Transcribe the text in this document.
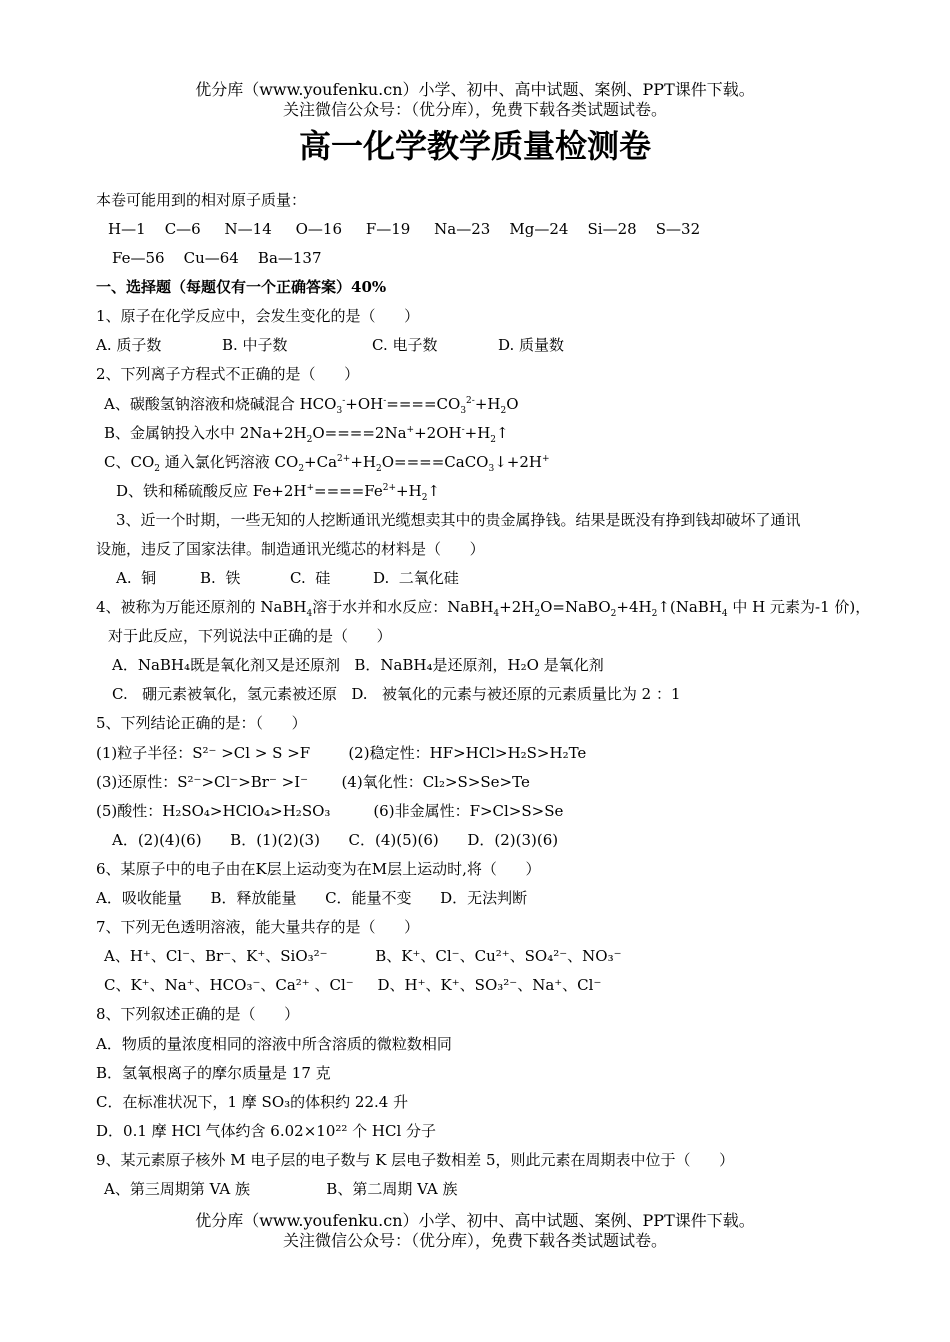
优分库（www.youfenku.cn）小学、初中、高中试题、案例、PPT课件下载。
关注微信公众号：（优分库），免费下载各类试题试卷。
高一化学教学质量检测卷
本卷可能用到的相对原子质量：
H—1    C—6     N—14     O—16     F—19     Na—23    Mg—24    Si—28    S—32
Fe—56    Cu—64    Ba—137
一、选择题（每题仅有一个正确答案）40%
1、原子在化学反应中，会发生变化的是（      ）
A. 质子数	B. 中子数	C. 电子数	D. 质量数
2、下列离子方程式不正确的是（      ）
A、碳酸氢钠溶液和烧碱混合 $HCO_3^-+OH^-====CO_3^{2-}+H_2O$
B、金属钠投入水中 $2Na+2H_2O====2Na^++2OH^-+H_2↑$
C、$CO_2$ 通入氯化钙溶液 $CO_2+Ca^{2+}+H_2O====CaCO_3↓+2H^+$
D、铁和稀硫酸反应 $Fe+2H^+====Fe^{2+}+H_2↑$
3、近一个时期，一些无知的人挖断通讯光缆想卖其中的贵金属挣钱。结果是既没有挣到钱却破坏了通讯
设施，违反了国家法律。制造通讯光缆芯的材料是（      ）
A.  铜	B.  铁	C.  硅	D.  二氧化硅
4、被称为万能还原剂的 NaBH$_4$溶于水并和水反应：$NaBH_4+2H_2O=NaBO_2+4H_2↑(NaBH_4$ 中 H 元素为-1 价)，
对于此反应，下列说法中正确的是（      ）
A．NaBH₄既是氧化剂又是还原剂   B．NaBH₄是还原剂，H₂O 是氧化剂
C.   硼元素被氧化，氢元素被还原   D.   被氧化的元素与被还原的元素质量比为 2 ：1
5、下列结论正确的是：（      ）
(1)粒子半径：S²⁻ >Cl > S >F        (2)稳定性：HF>HCl>H₂S>H₂Te
(3)还原性：S²⁻>Cl⁻>Br⁻ >I⁻       (4)氧化性：Cl₂>S>Se>Te
(5)酸性：H₂SO₄>HClO₄>H₂SO₃         (6)非金属性：F>Cl>S>Se
A．(2)(4)(6)      B．(1)(2)(3)      C．(4)(5)(6)      D．(2)(3)(6)
6、某原子中的电子由在K层上运动变为在M层上运动时,将（      ）
A．吸收能量      B．释放能量      C．能量不变      D．无法判断
7、下列无色透明溶液，能大量共存的是（      ）
A、H⁺、Cl⁻、Br⁻、K⁺、SiO₃²⁻          B、K⁺、Cl⁻、Cu²⁺、SO₄²⁻、NO₃⁻
C、K⁺、Na⁺、HCO₃⁻、Ca²⁺ 、Cl⁻     D、H⁺、K⁺、SO₃²⁻、Na⁺、Cl⁻
8、下列叙述正确的是（      ）
A．物质的量浓度相同的溶液中所含溶质的微粒数相同
B．氢氧根离子的摩尔质量是 17 克
C．在标准状况下，1 摩 SO₃的体积约 22.4 升
D．0.1 摩 HCl 气体约含 6.02×10²² 个 HCl 分子
9、某元素原子核外 M 电子层的电子数与 K 层电子数相差 5，则此元素在周期表中位于（      ）
A、第三周期第 VA 族                B、第二周期 VA 族
优分库（www.youfenku.cn）小学、初中、高中试题、案例、PPT课件下载。
关注微信公众号：（优分库），免费下载各类试题试卷。
